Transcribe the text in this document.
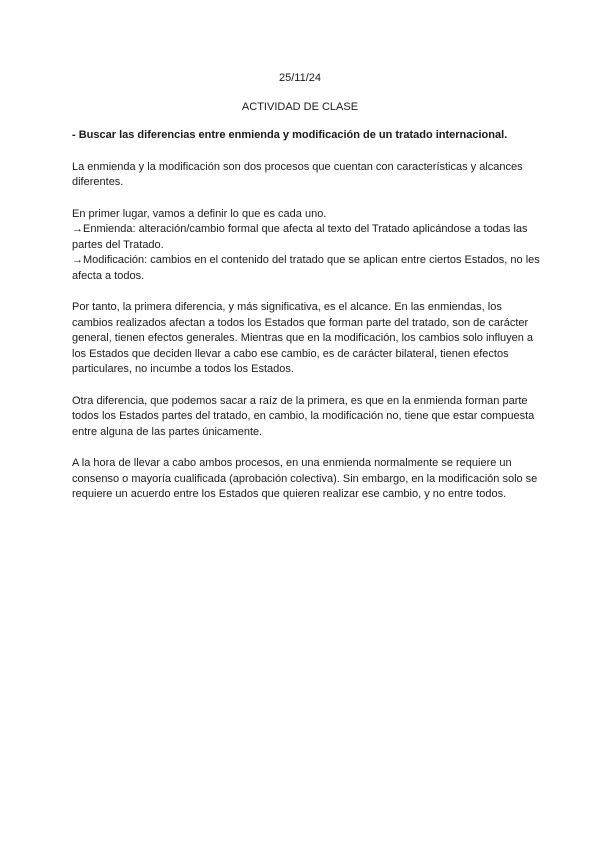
25/11/24
ACTIVIDAD DE CLASE

- Buscar las diferencias entre enmienda y modificación de un tratado internacional.

La enmienda y la modificación son dos procesos que cuentan con características y alcances diferentes.

En primer lugar, vamos a definir lo que es cada uno.
→Enmienda: alteración/cambio formal que afecta al texto del Tratado aplicándose a todas las partes del Tratado.
→Modificación: cambios en el contenido del tratado que se aplican entre ciertos Estados, no les afecta a todos.

Por tanto, la primera diferencia, y más significativa, es el alcance. En las enmiendas, los cambios realizados afectan a todos los Estados que forman parte del tratado, son de carácter general, tienen efectos generales. Mientras que en la modificación, los cambios solo influyen a los Estados que deciden llevar a cabo ese cambio, es de carácter bilateral, tienen efectos particulares, no incumbe a todos los Estados.

Otra diferencia, que podemos sacar a raíz de la primera, es que en la enmienda forman parte todos los Estados partes del tratado, en cambio, la modificación no, tiene que estar compuesta entre alguna de las partes únicamente.

A la hora de llevar a cabo ambos procesos, en una enmienda normalmente se requiere un consenso o mayoría cualificada (aprobación colectiva). Sin embargo, en la modificación solo se requiere un acuerdo entre los Estados que quieren realizar ese cambio, y no entre todos.
